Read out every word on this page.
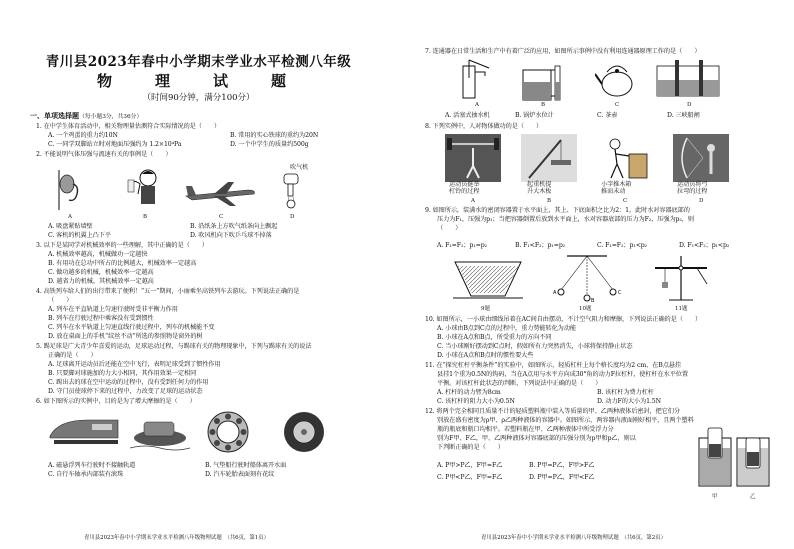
青川县2023年春中小学期末学业水平检测八年级
物　理　试　题
（时间90分钟，满分100分）
一、单项选择题（每小题3分，共36分）
1. 在中学生体育活动中，相关物理量估测符合实际情况的是（　　）
A. 一个鸡蛋的重力约10N	B. 常用的实心铁球的重约为20N
C. 一同学双脚站立时对地面压强约为 1.2×10⁴Pa	D. 一个中学生的质量约500g
2. 不能说明气体压强与流速有关的事例是（　　）
吹气机
A	B	C	D
A. 吸盘紧贴墙壁	B. 沿纸条上方吹气纸条向上飘起
C. 客机的机翼上凸下平	D. 吹风机向下吹乒乓球不掉落
3. 以下是某同学对机械效率的一些理解，其中正确的是（　　）
A. 机械效率越高，机械做功一定越快
B. 有用功在总功中所占的比例越大，机械效率一定越高
C. 做功越多的机械，机械效率一定越高
D. 越省力的机械，其机械效率一定越高
4. 高铁列车给人们的出行带来了便利！“五一”期间，小丽乘坐高铁列车去游玩。下列说法正确的是
（　　）
A. 列车在平直轨道上匀速行驶时受非平衡力作用
B. 列车在行驶过程中乘客没有受到惯性
C. 列车在水平轨道上匀速直线行驶过程中，列车的机械能不变
D. 放在桌面上的手机“纹丝不动”所选的参照物是窗外的树
5. 踢足球是广大青少年喜爱的运动，足球运动过程，与踢球有关的物理现象中，下列与踢球有关的说法
正确的是（　　）
A. 足球离开运动员后还能在空中飞行，表明足球受到了惯性作用
B. 只要脚对球施加的力大小相同，其作用效果一定相同
C. 踢出去的球在空中运动的过程中，没有受到任何力的作用
D. 守门员使球停下来的过程中，力改变了足球的运动状态
6. 如下图所示的实例中，目的是为了增大摩擦的是（　　）
A. 磁悬浮列车行驶时不接触轨道	B. 气垫船行驶时船体离开水面
C. 自行车轴承内部装有滚珠	D. 汽车轮胎表面刻有花纹
青川县2023年春中小学期末学业水平检测八年级物理试题　（共6页，第1页）
7. 连通器在日常生活和生产中有着广泛的应用，如图所示事例中没有利用连通器原理工作的是（　　）
A	B	C	D
A. 活塞式抽水机	B. 锅炉水位计	C. 茶壶	D. 三峡船闸
8. 下列实例中，人对物体做功的是（　　）
运动员挺举
杠铃的过程
起重机提
升大木板
小字推木箱
推而未动
运动员将弓
拉弯的过程
A	B	C	D
9. 如图所示，装满水的密闭容器置于水平面上，其上、下底面积之比为2：1，此时水对容器底部的
压力为F₁，压强为p₁；当把容器倒置后放到水平面上，水对容器底部的压力为F₂，压强为p₂，则
（　　）
A. F₁=F₂；p₁=p₂	B. F₁<F₂；p₁=p₂	C. F₁=F₂；p₁<p₂	D. F₁<F₂；p₁<p₂
A
B
C
9题	10题	11题
10. 如图所示，一小球由细线吊着在AC间自由摆动，不计空气阻力和摩擦，下列说法正确的是（　　）
A. 小球由B点到C点的过程中，重力势能转化为动能
B. 小球在A点和B点，所受重力的方向不同
C. 当小球刚好摆动到C点时，假如所有力突然消失，小球将保持静止状态
D. 小球在A点和B点时的惯性要大些
11. 在“探究杠杆平衡条件”的实验中，如图所示，轻质杠杆上每个格长度均为2 cm，在B点悬挂
县挂1个重为0.5N的钩码，当在A点用与水平方向成30°角的动力F拉杠杆，使杠杆在水平位置
平衡。对该杠杆此状态的判断，下列说法中正确的是（　　）
A. 杠杆的动力臂为8cm	B. 该杠杆为费力杠杆
C. 该杠杆的阻力大小为0.5N	D. 动力F的大小为1.5N
12. 将两个完全相同且质量不计的轻质塑料瓶中装入等质量的甲、乙两种液体后密封，把它们分
别放在盛有密度为ρ甲、ρ乙两种液体的容器中。如图所示，两容器内液面刚好相平，且两个塑料
瓶的瓶底和瓶口均相平。若塑料瓶在甲、乙两种液体中所受浮力分
别为F甲、F乙，甲、乙两种液体对容器底部的压强分别为p甲和p乙，则以
下判断正确的是（　　）
A. P甲>P乙，F甲=F乙	B. P甲=P乙，F甲>F乙
C. P甲<P乙，F甲=F乙	D. P甲=P乙，F甲<F乙
甲	乙
青川县2023年春中小学期末学业水平检测八年级物理试题　（共6页，第2页）
